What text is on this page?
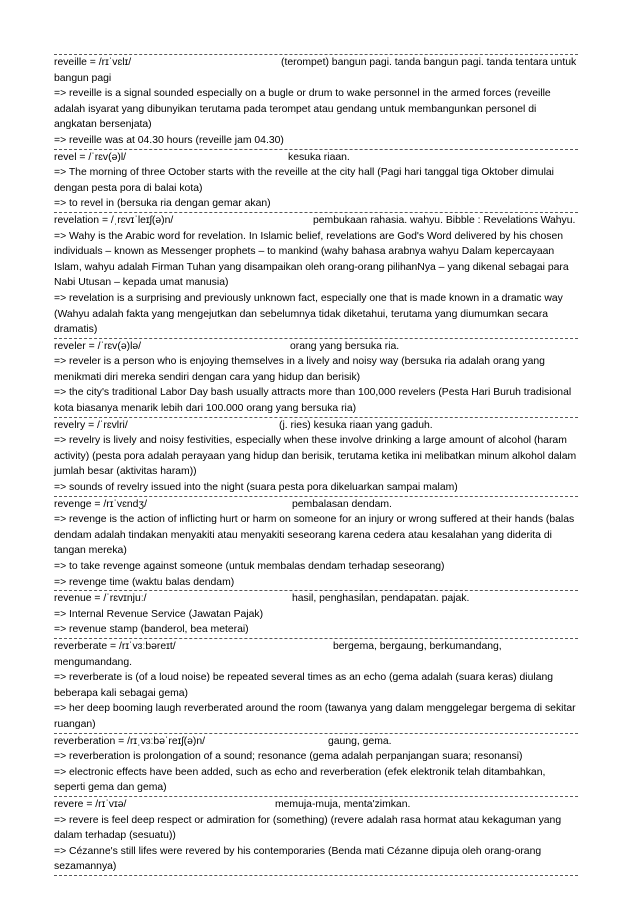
reveille = /rɪˈvɛlɪ/	(terompet) bangun pagi. tanda bangun pagi. tanda tentara untuk bangun pagi
=> reveille is a signal sounded especially on a bugle or drum to wake personnel in the armed forces (reveille adalah isyarat yang dibunyikan terutama pada terompet atau gendang untuk membangunkan personel di angkatan bersenjata)
=> reveille was at 04.30 hours (reveille jam 04.30)
revel = /ˈrɛv(ə)l/	kesuka riaan.
=> The morning of three October starts with the reveille at the city hall (Pagi hari tanggal tiga Oktober dimulai dengan pesta pora di balai kota)
=> to revel in (bersuka ria dengan gemar akan)
revelation = /ˌrɛvɪˈleɪʃ(ə)n/	pembukaan rahasia. wahyu. Bibble : Revelations Wahyu.
=> Wahy is the Arabic word for revelation. In Islamic belief, revelations are God's Word delivered by his chosen individuals – known as Messenger prophets – to mankind (wahy bahasa arabnya wahyu Dalam kepercayaan Islam, wahyu adalah Firman Tuhan yang disampaikan oleh orang-orang pilihanNya – yang dikenal sebagai para Nabi Utusan – kepada umat manusia)
=> revelation is a surprising and previously unknown fact, especially one that is made known in a dramatic way (Wahyu adalah fakta yang mengejutkan dan sebelumnya tidak diketahui, terutama yang diumumkan secara dramatis)
reveler = /ˈrɛv(ə)lə/	orang yang bersuka ria.
=> reveler is a person who is enjoying themselves in a lively and noisy way (bersuka ria adalah orang yang menikmati diri mereka sendiri dengan cara yang hidup dan berisik)
=> the city's traditional Labor Day bash usually attracts more than 100,000 revelers (Pesta Hari Buruh tradisional kota biasanya menarik lebih dari 100.000 orang yang bersuka ria)
revelry = /ˈrɛvlri/	(j. ries) kesuka riaan yang gaduh.
=> revelry is lively and noisy festivities, especially when these involve drinking a large amount of alcohol (haram activity) (pesta pora adalah perayaan yang hidup dan berisik, terutama ketika ini melibatkan minum alkohol dalam jumlah besar (aktivitas haram))
=> sounds of revelry issued into the night (suara pesta pora dikeluarkan sampai malam)
revenge = /rɪˈvɛndʒ/	pembalasan dendam.
=> revenge is the action of inflicting hurt or harm on someone for an injury or wrong suffered at their hands (balas dendam adalah tindakan menyakiti atau menyakiti seseorang karena cedera atau kesalahan yang diderita di tangan mereka)
=> to take revenge against someone (untuk membalas dendam terhadap seseorang)
=> revenge time (waktu balas dendam)
revenue = /ˈrɛvɪnjuː/	hasil, penghasilan, pendapatan. pajak.
=> Internal Revenue Service (Jawatan Pajak)
=> revenue stamp (banderol, bea meterai)
reverberate = /rɪˈvɜːbəreɪt/	bergema, bergaung, berkumandang, mengumandang.
=> reverberate is (of a loud noise) be repeated several times as an echo (gema adalah (suara keras) diulang beberapa kali sebagai gema)
=> her deep booming laugh reverberated around the room (tawanya yang dalam menggelegar bergema di sekitar ruangan)
reverberation = /rɪˌvɜːbəˈreɪʃ(ə)n/	gaung, gema.
=> reverberation is prolongation of a sound; resonance (gema adalah perpanjangan suara; resonansi)
=> electronic effects have been added, such as echo and reverberation (efek elektronik telah ditambahkan, seperti gema dan gema)
revere = /rɪˈvɪə/	memuja-muja, menta'zimkan.
=> revere is feel deep respect or admiration for (something) (revere adalah rasa hormat atau kekaguman yang dalam terhadap (sesuatu))
=> Cézanne's still lifes were revered by his contemporaries (Benda mati Cézanne dipuja oleh orang-orang sezamannya)
